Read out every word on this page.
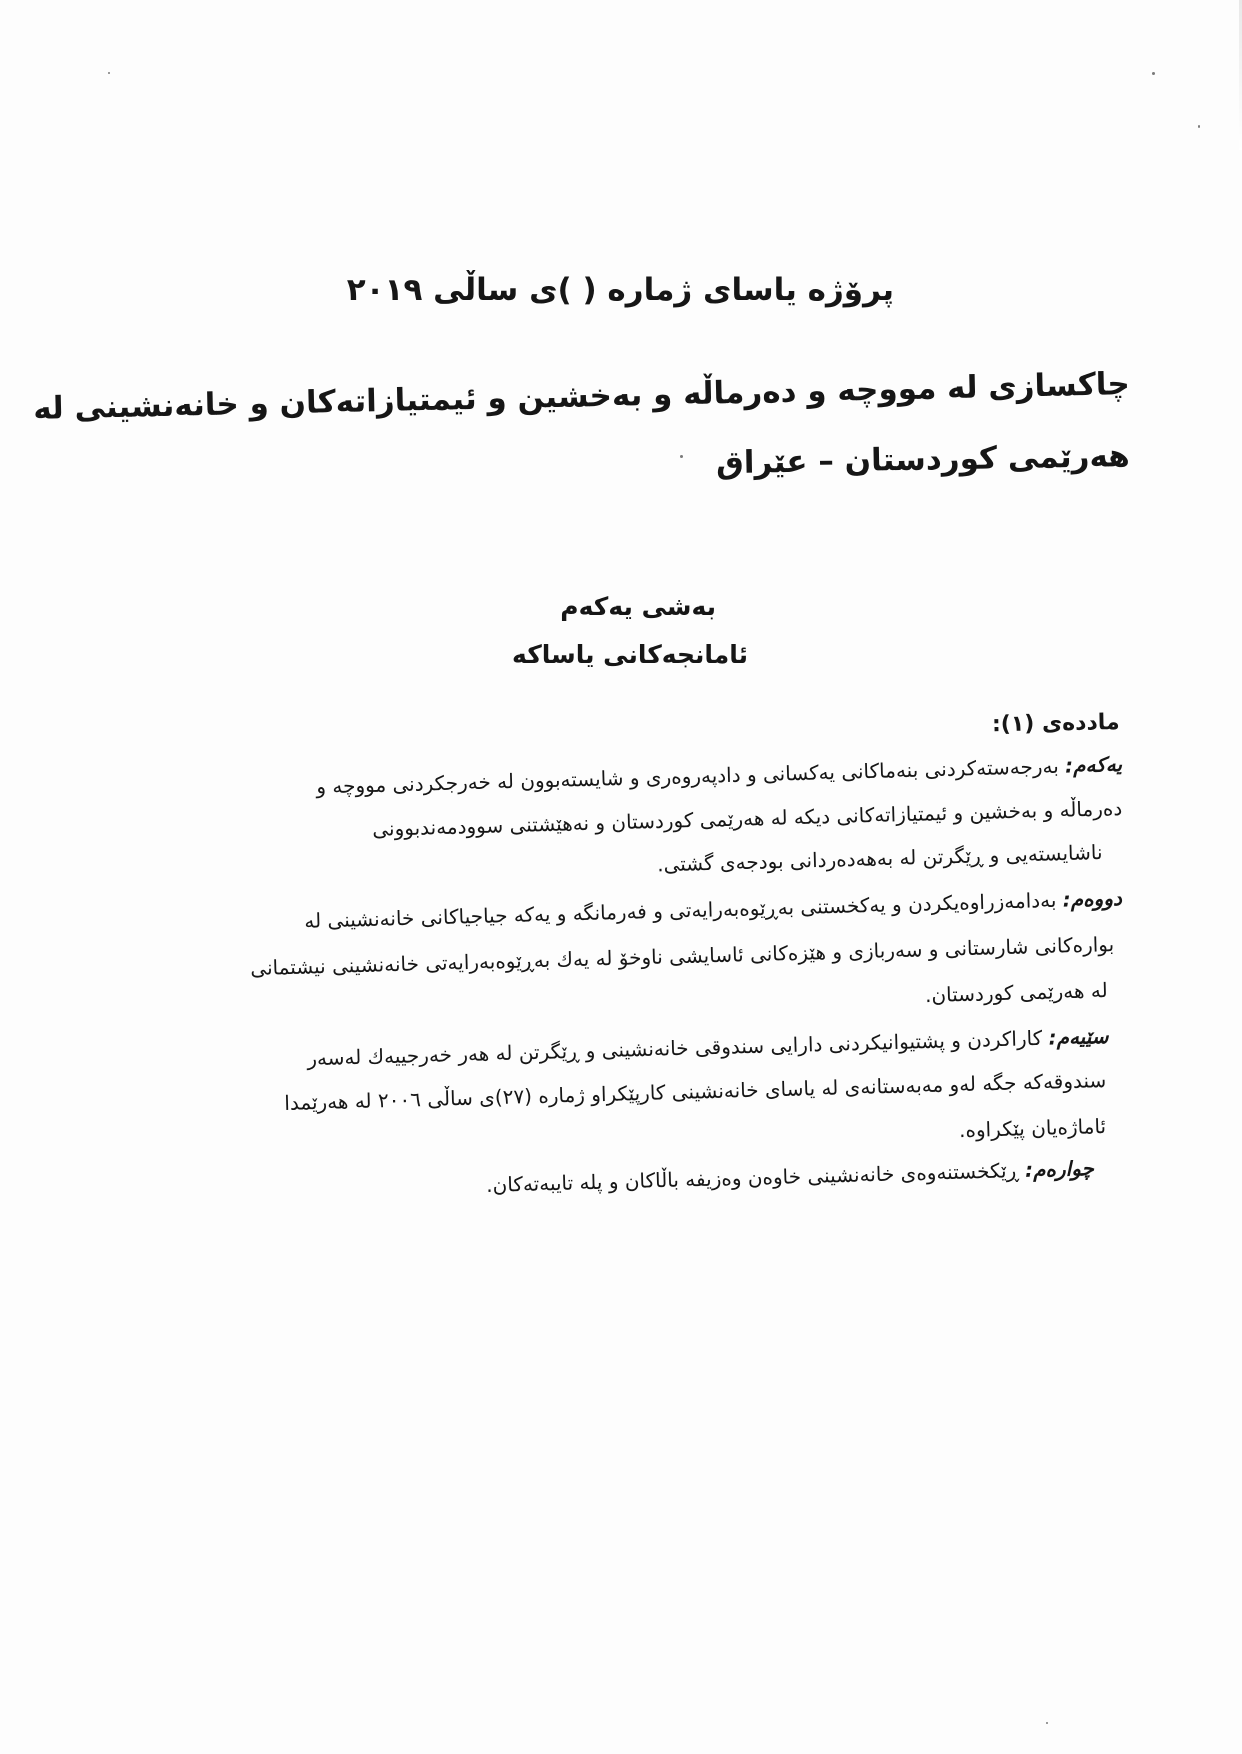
پرۆژە یاسای ژمارە ( )ی ساڵی ٢٠١٩
چاکسازی لە مووچە و دەرماڵە و بەخشین و ئیمتیازاتەکان و خانەنشینی لە
هەرێمی کوردستان – عێراق
بەشی یەکەم
ئامانجەکانی یاساکە
ماددەی (١):
یەکەم: بەرجەستەکردنی بنەماکانی یەکسانی و دادپەروەری و شایستەبوون لە خەرجکردنی مووچە و
دەرماڵە و بەخشین و ئیمتیازاتەکانی دیکە لە هەرێمی کوردستان و نەهێشتنی سوودمەندبوونی
ناشایستەیی و ڕێگرتن لە بەهەدەردانی بودجەی گشتی.
دووەم: بەدامەزراوەیکردن و یەکخستنی بەڕێوەبەرایەتی و فەرمانگە و یەکە جیاجیاکانی خانەنشینی لە
بوارەکانی شارستانی و سەربازی و هێزەکانی ئاسایشی ناوخۆ لە یەك بەڕێوەبەرایەتی خانەنشینی نیشتمانی
لە هەرێمی کوردستان.
سێیەم: کاراکردن و پشتیوانیکردنی دارایی سندوقی خانەنشینی و ڕێگرتن لە هەر خەرجییەك لەسەر
سندوقەکە جگە لەو مەبەستانەی لە یاسای خانەنشینی کارپێکراو ژمارە (٢٧)ی ساڵی ٢٠٠٦ لە هەرێمدا
ئاماژەیان پێکراوە.
چوارەم: ڕێکخستنەوەی خانەنشینی خاوەن وەزیفە باڵاکان و پلە تایبەتەکان.
